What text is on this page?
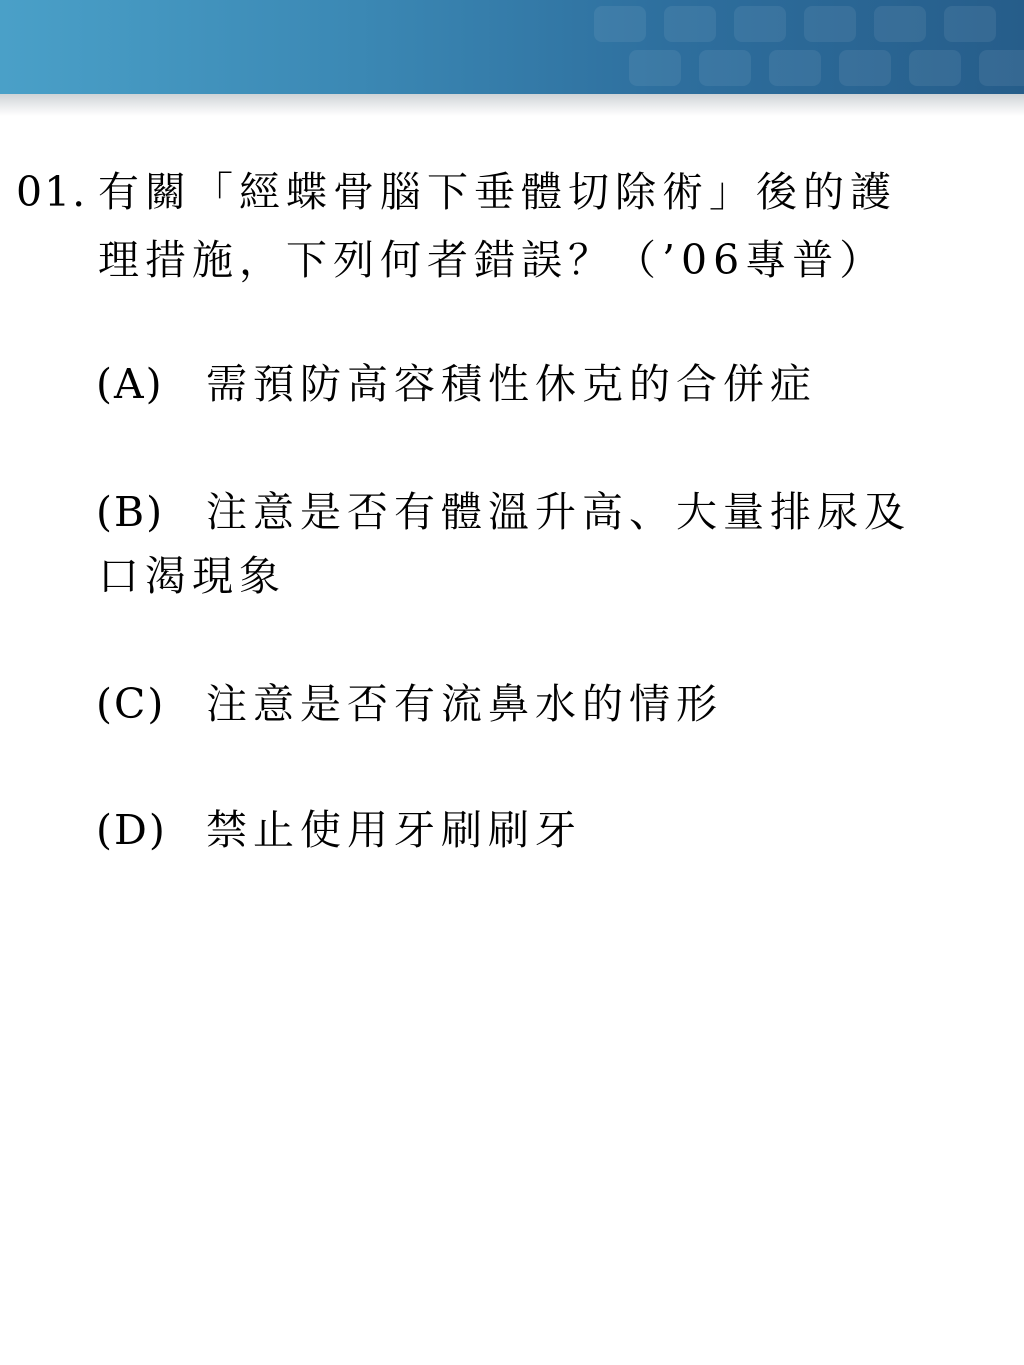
01. 有關「經蝶骨腦下垂體切除術」後的護
理措施，下列何者錯誤？（’06專普）
(A) 需預防高容積性休克的合併症
(B) 注意是否有體溫升高、大量排尿及
口渴現象
(C) 注意是否有流鼻水的情形
(D) 禁止使用牙刷刷牙
